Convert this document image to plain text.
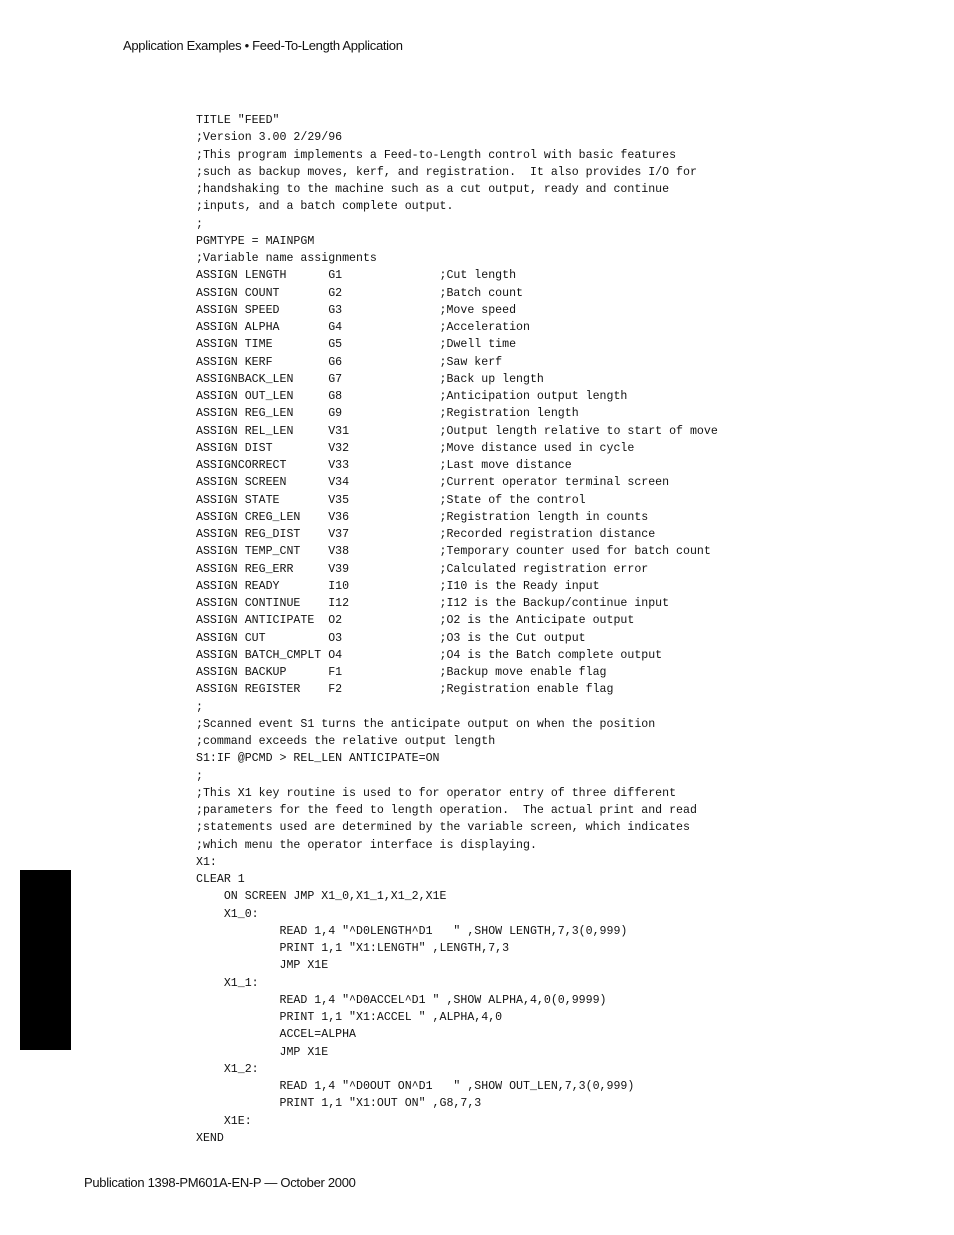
Application Examples • Feed-To-Length Application
TITLE "FEED"
;Version 3.00 2/29/96
;This program implements a Feed-to-Length control with basic features
;such as backup moves, kerf, and registration.  It also provides I/O for
;handshaking to the machine such as a cut output, ready and continue
;inputs, and a batch complete output.
;
PGMTYPE = MAINPGM
;Variable name assignments
ASSIGN LENGTH      G1              ;Cut length
ASSIGN COUNT       G2              ;Batch count
ASSIGN SPEED       G3              ;Move speed
ASSIGN ALPHA       G4              ;Acceleration
ASSIGN TIME        G5              ;Dwell time
ASSIGN KERF        G6              ;Saw kerf
ASSIGNBACK_LEN     G7              ;Back up length
ASSIGN OUT_LEN     G8              ;Anticipation output length
ASSIGN REG_LEN     G9              ;Registration length
ASSIGN REL_LEN     V31             ;Output length relative to start of move
ASSIGN DIST        V32             ;Move distance used in cycle
ASSIGNCORRECT      V33             ;Last move distance
ASSIGN SCREEN      V34             ;Current operator terminal screen
ASSIGN STATE       V35             ;State of the control
ASSIGN CREG_LEN    V36             ;Registration length in counts
ASSIGN REG_DIST    V37             ;Recorded registration distance
ASSIGN TEMP_CNT    V38             ;Temporary counter used for batch count
ASSIGN REG_ERR     V39             ;Calculated registration error
ASSIGN READY       I10             ;I10 is the Ready input
ASSIGN CONTINUE    I12             ;I12 is the Backup/continue input
ASSIGN ANTICIPATE  O2              ;O2 is the Anticipate output
ASSIGN CUT         O3              ;O3 is the Cut output
ASSIGN BATCH_CMPLT O4              ;O4 is the Batch complete output
ASSIGN BACKUP      F1              ;Backup move enable flag
ASSIGN REGISTER    F2              ;Registration enable flag
;
;Scanned event S1 turns the anticipate output on when the position
;command exceeds the relative output length
S1:IF @PCMD > REL_LEN ANTICIPATE=ON
;
;This X1 key routine is used to for operator entry of three different
;parameters for the feed to length operation.  The actual print and read
;statements used are determined by the variable screen, which indicates
;which menu the operator interface is displaying.
X1:
CLEAR 1
ON SCREEN JMP X1_0,X1_1,X1_2,X1E
X1_0:
READ 1,4 "^D0LENGTH^D1   " ,SHOW LENGTH,7,3(0,999)
PRINT 1,1 "X1:LENGTH" ,LENGTH,7,3
JMP X1E
X1_1:
READ 1,4 "^D0ACCEL^D1 " ,SHOW ALPHA,4,0(0,9999)
PRINT 1,1 "X1:ACCEL " ,ALPHA,4,0
ACCEL=ALPHA
JMP X1E
X1_2:
READ 1,4 "^D0OUT ON^D1   " ,SHOW OUT_LEN,7,3(0,999)
PRINT 1,1 "X1:OUT ON" ,G8,7,3
X1E:
XEND
Publication 1398-PM601A-EN-P — October 2000
